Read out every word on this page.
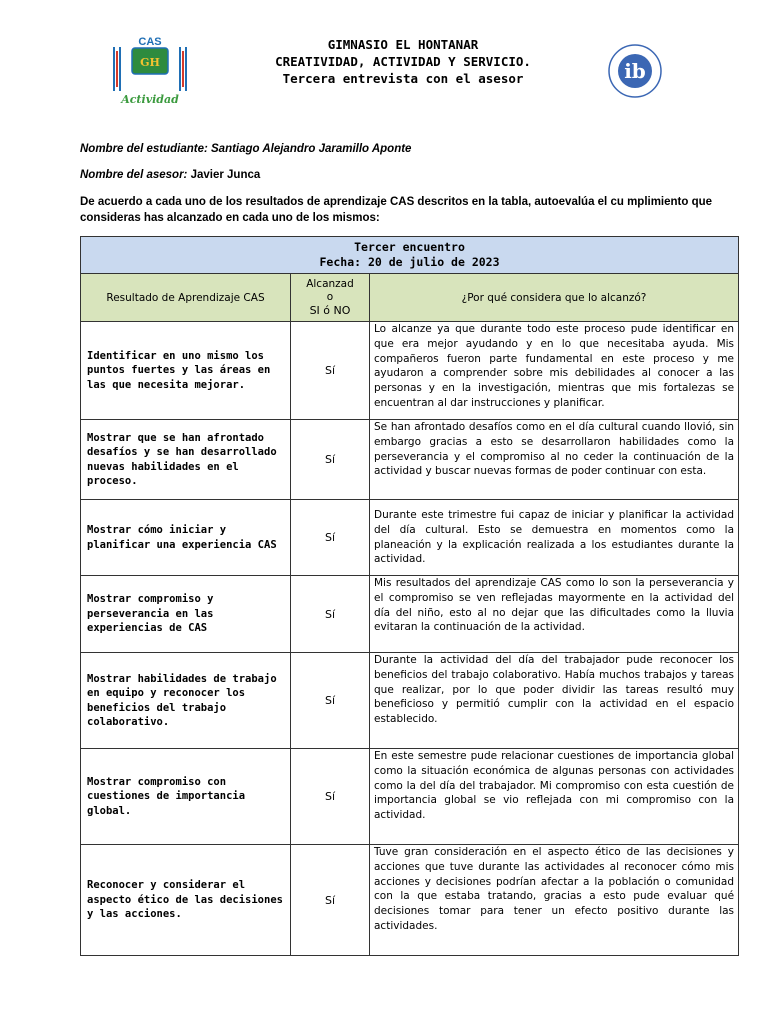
CAS
GH
Actividad
GIMNASIO EL HONTANAR
CREATIVIDAD, ACTIVIDAD Y SERVICIO.
Tercera entrevista con el asesor	ib
Nombre del estudiante: Santiago Alejandro Jaramillo Aponte
Nombre del asesor: Javier Junca
De acuerdo a cada uno de los resultados de aprendizaje CAS descritos en la tabla, autoevalúa el cu mplimiento que consideras has alcanzado en cada uno de los mismos:
Tercer encuentro
Fecha: 20 de julio de 2023		

Resultado de Aprendizaje CAS	Alcanzad
o
SI ó NO	¿Por qué considera que lo alcanzó?
Identificar en uno mismo los puntos fuertes y las áreas en las que necesita mejorar.	Sí	Lo alcanze ya que durante todo este proceso pude identificar en que era mejor ayudando y en lo que necesitaba ayuda. Mis compañeros fueron parte fundamental en este proceso y me ayudaron a comprender sobre mis debilidades al conocer a las personas y en la investigación, mientras que mis fortalezas se encuentran al dar instrucciones y planificar.
Mostrar que se han afrontado desafíos y se han desarrollado nuevas habilidades en el proceso.	Sí	Se han afrontado desafíos como en el día cultural cuando llovió, sin embargo gracias a esto se desarrollaron habilidades como la perseverancia y el compromiso al no ceder la continuación de la actividad y buscar nuevas formas de poder continuar con esta.
Mostrar cómo iniciar y planificar una experiencia CAS	Sí	Durante este trimestre fui capaz de iniciar y planificar la actividad del día cultural. Esto se demuestra en momentos como la planeación y la explicación realizada a los estudiantes durante la actividad.
Mostrar compromiso y perseverancia en las experiencias de CAS	Sí	Mis resultados del aprendizaje CAS como lo son la perseverancia y el compromiso se ven reflejadas mayormente en la actividad del día del niño, esto al no dejar que las dificultades como la lluvia evitaran la continuación de la actividad.
Mostrar habilidades de trabajo en equipo y reconocer los beneficios del trabajo colaborativo.	Sí	Durante la actividad del día del trabajador pude reconocer los beneficios del trabajo colaborativo. Había muchos trabajos y tareas que realizar, por lo que poder dividir las tareas resultó muy beneficioso y permitió cumplir con la actividad en el espacio establecido.
Mostrar compromiso con cuestiones de importancia global.	Sí	En este semestre pude relacionar cuestiones de importancia global como la situación económica de algunas personas con actividades como la del día del trabajador. Mi compromiso con esta cuestión de importancia global se vio reflejada con mi compromiso con la actividad.
Reconocer y considerar el aspecto ético de las decisiones y las acciones.	Sí	Tuve gran consideración en el aspecto ético de las decisiones y acciones que tuve durante las actividades al reconocer cómo mis acciones y decisiones podrían afectar a la población o comunidad con la que estaba tratando, gracias a esto pude evaluar qué decisiones tomar para tener un efecto positivo durante las actividades.
